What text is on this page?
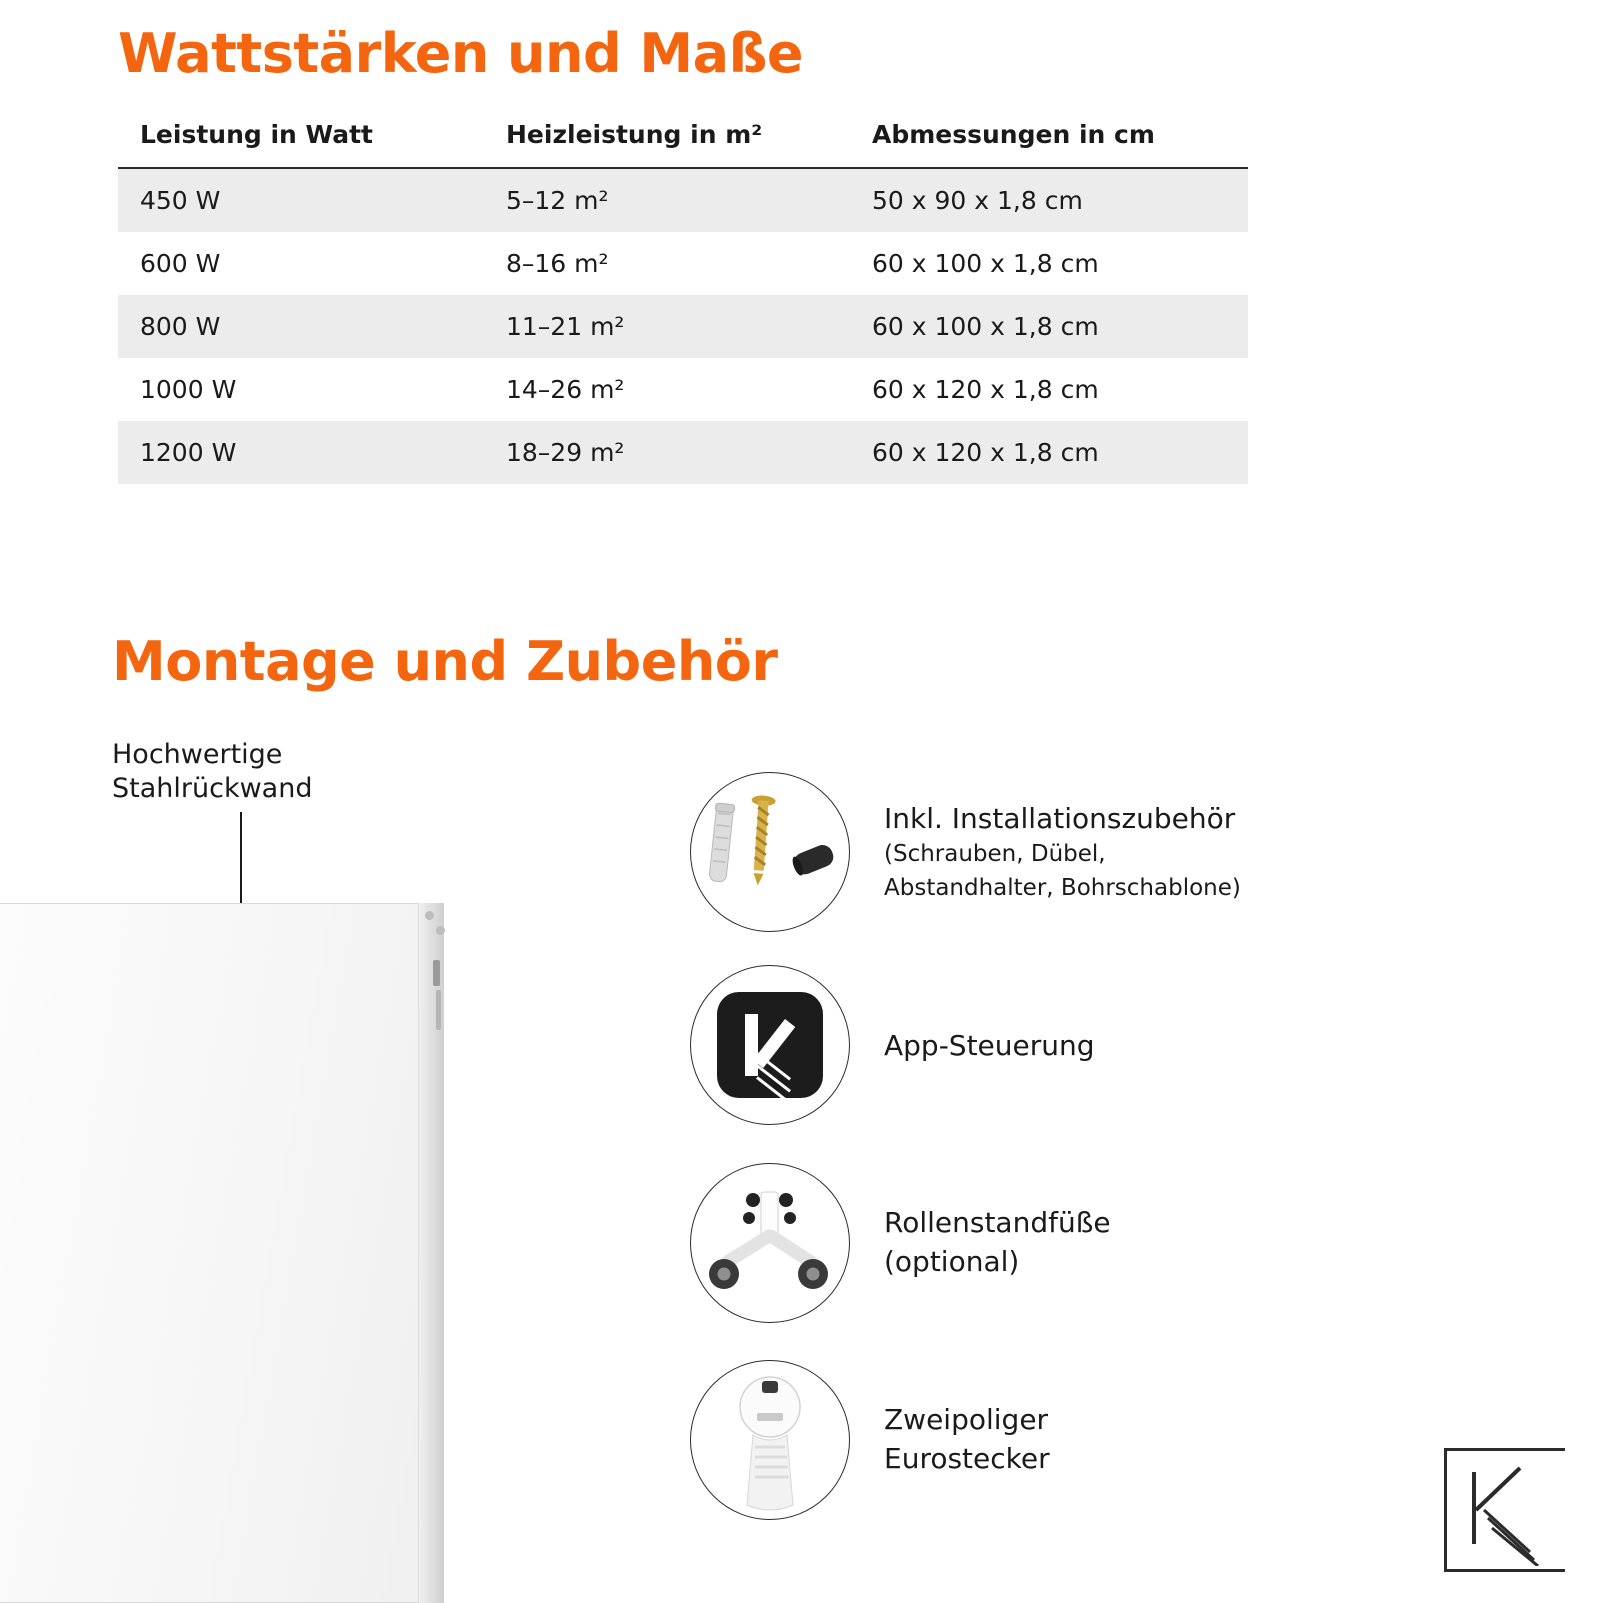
Wattstärken und Maße
Leistung in Watt	Heizleistung in m²	Abmessungen in cm
450 W	5–12 m²	50 x 90 x 1,8 cm
600 W	8–16 m²	60 x 100 x 1,8 cm
800 W	11–21 m²	60 x 100 x 1,8 cm
1000 W	14–26 m²	60 x 120 x 1,8 cm
1200 W	18–29 m²	60 x 120 x 1,8 cm
Montage und Zubehör
Hochwertige
Stahlrückwand
Inkl. Installationszubehör
(Schrauben, Dübel,
Abstandhalter, Bohrschablone)
App-Steuerung
Rollenstandfüße
(optional)
Zweipoliger
Eurostecker
